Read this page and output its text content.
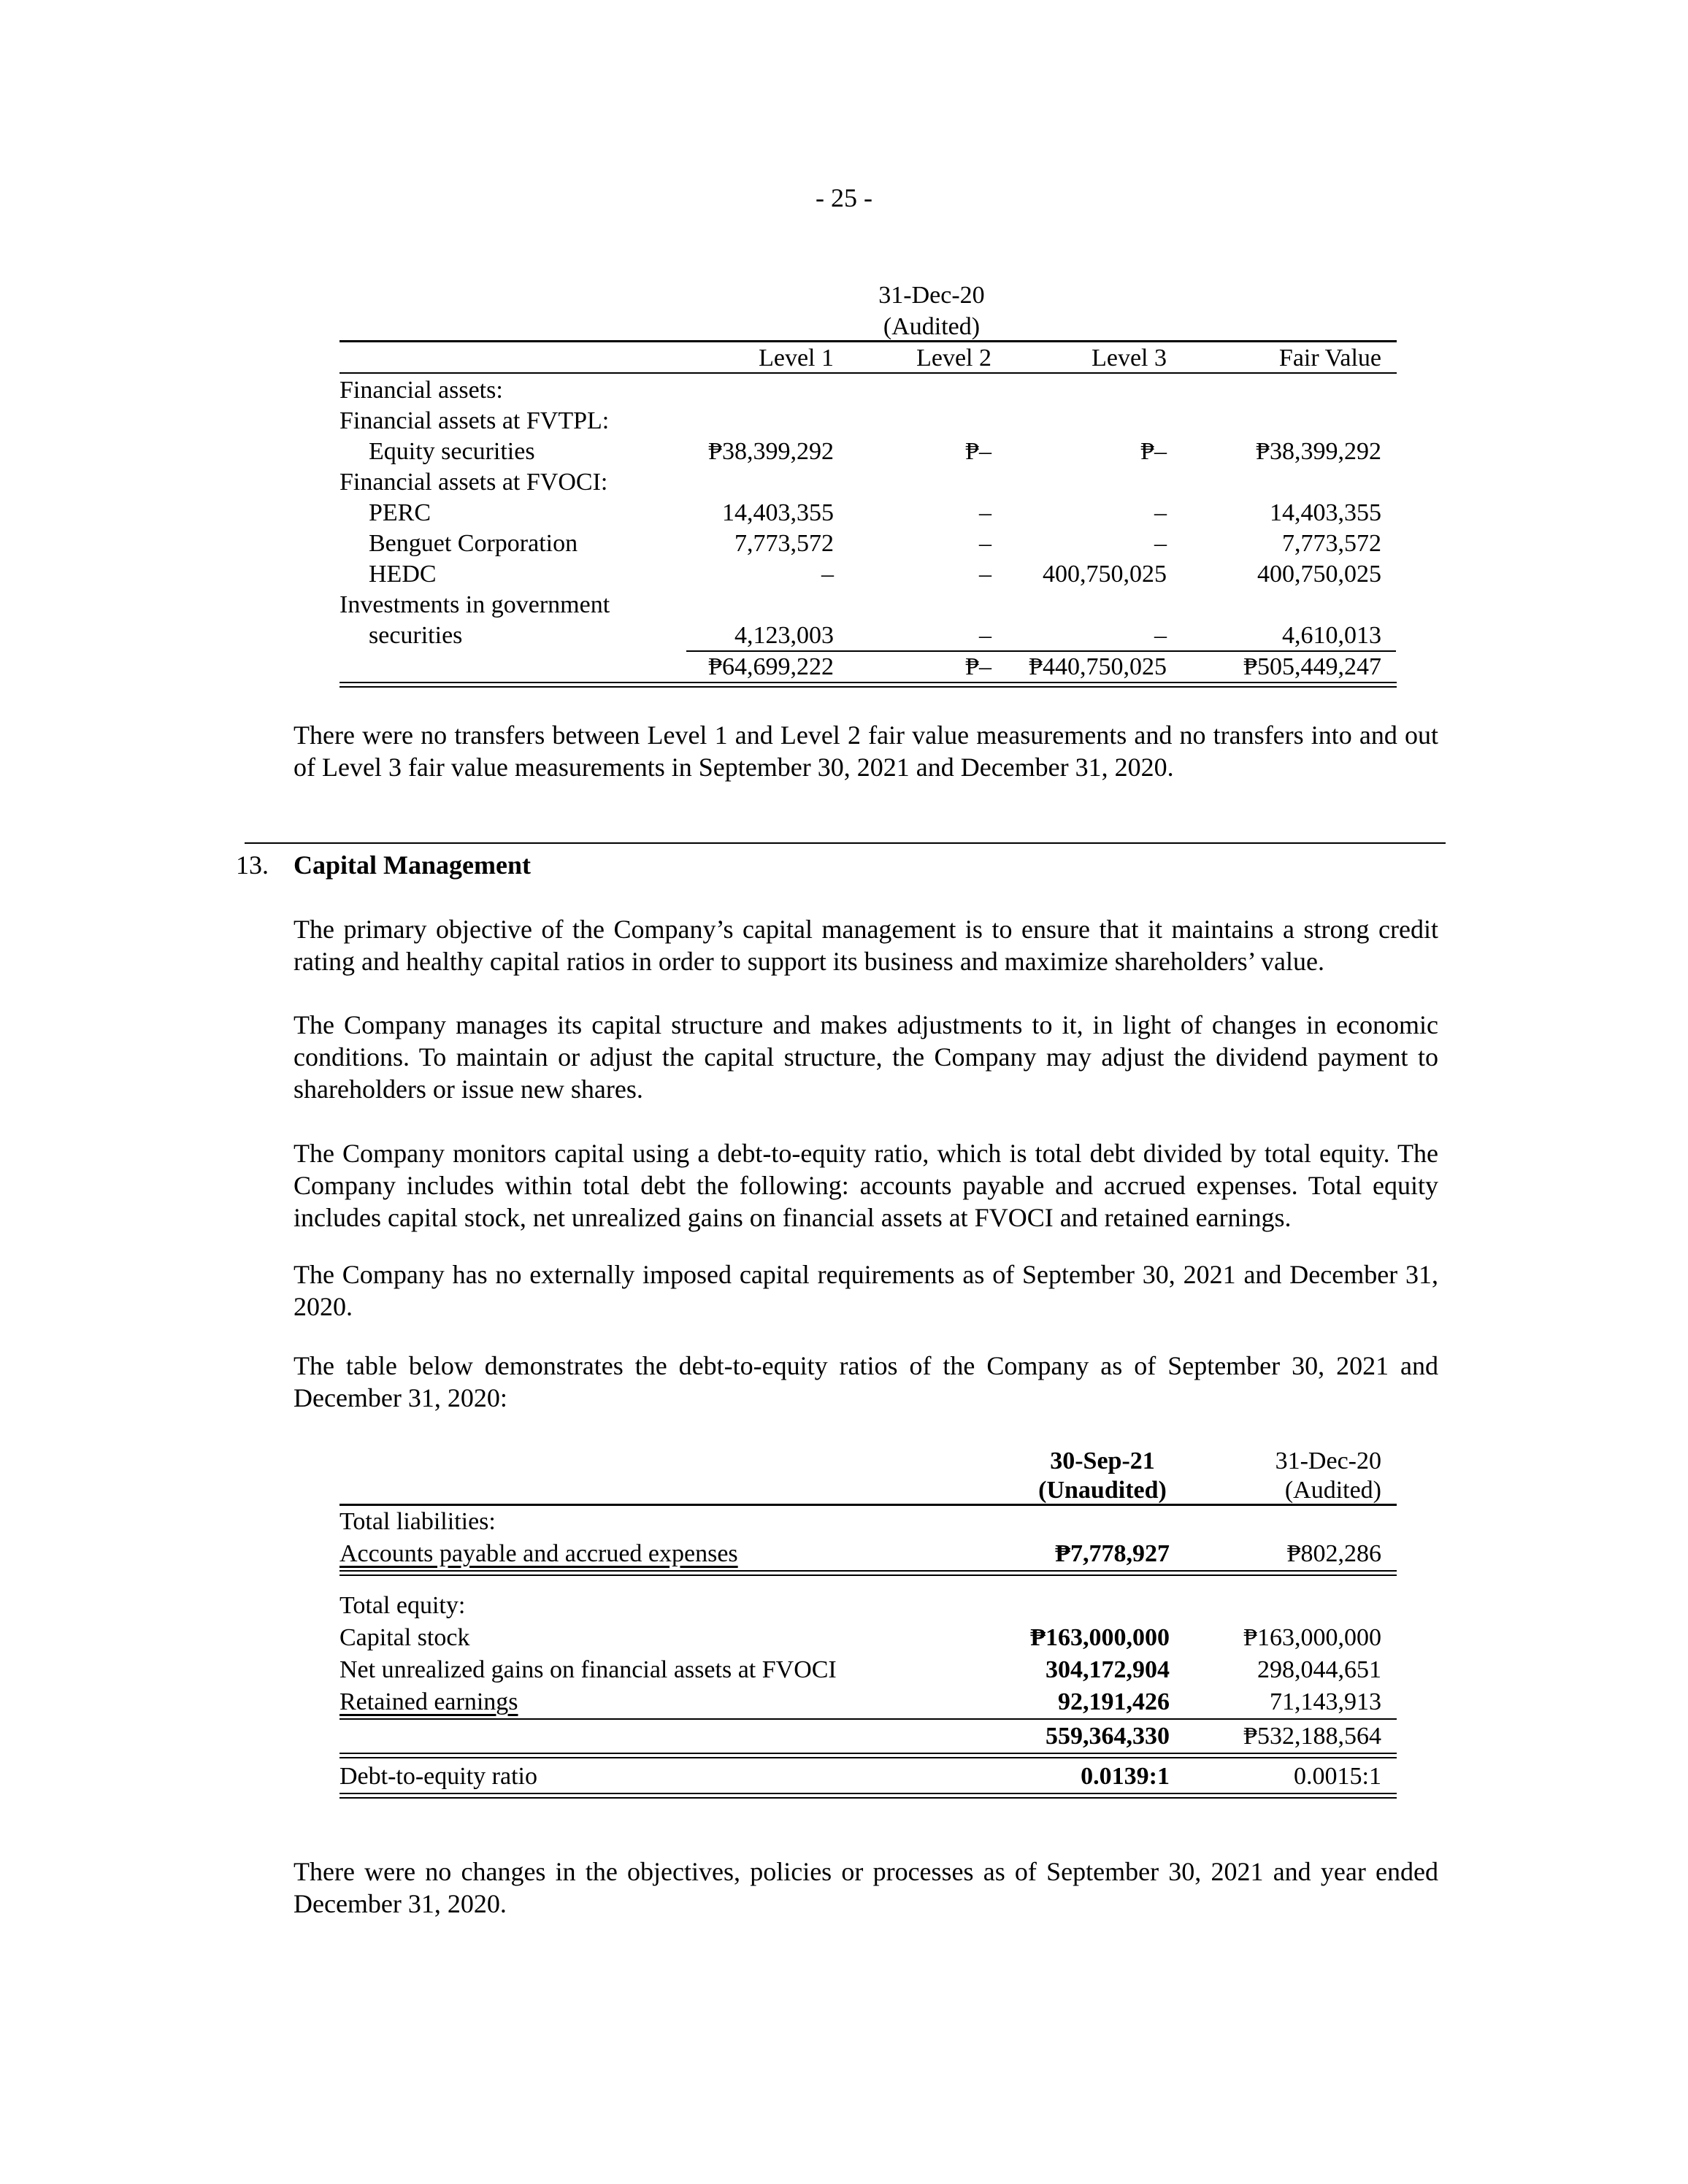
- 25 -
31-Dec-20
(Audited)
Level 1	Level 2	Level 3	Fair Value
Financial assets:
Financial assets at FVTPL:
Equity securities	₱38,399,292	₱–	₱–	₱38,399,292
Financial assets at FVOCI:
PERC	14,403,355	–	–	14,403,355
Benguet Corporation	7,773,572	–	–	7,773,572
HEDC	–	–	400,750,025	400,750,025
Investments in government
securities	4,123,003	–	–	4,610,013
₱64,699,222	₱–	₱440,750,025	₱505,449,247
There were no transfers between Level 1 and Level 2 fair value measurements and no transfers into and out of Level 3 fair value measurements in September 30, 2021 and December 31, 2020.
13. Capital Management
The primary objective of the Company’s capital management is to ensure that it maintains a strong credit rating and healthy capital ratios in order to support its business and maximize shareholders’ value.
The Company manages its capital structure and makes adjustments to it, in light of changes in economic conditions. To maintain or adjust the capital structure, the Company may adjust the dividend payment to shareholders or issue new shares.
The Company monitors capital using a debt-to-equity ratio, which is total debt divided by total equity. The Company includes within total debt the following: accounts payable and accrued expenses. Total equity includes capital stock, net unrealized gains on financial assets at FVOCI and retained earnings.
The Company has no externally imposed capital requirements as of September 30, 2021 and December 31, 2020.
The table below demonstrates the debt-to-equity ratios of the Company as of September 30, 2021 and December 31, 2020:
30-Sep-21
(Unaudited)
31-Dec-20
(Audited)
Total liabilities:
Accounts payable and accrued expenses	₱7,778,927	₱802,286
Total equity:
Capital stock	₱163,000,000	₱163,000,000
Net unrealized gains on financial assets at FVOCI	304,172,904	298,044,651
Retained earnings	92,191,426	71,143,913
559,364,330	₱532,188,564
Debt-to-equity ratio	0.0139:1	0.0015:1
There were no changes in the objectives, policies or processes as of September 30, 2021 and year ended December 31, 2020.
